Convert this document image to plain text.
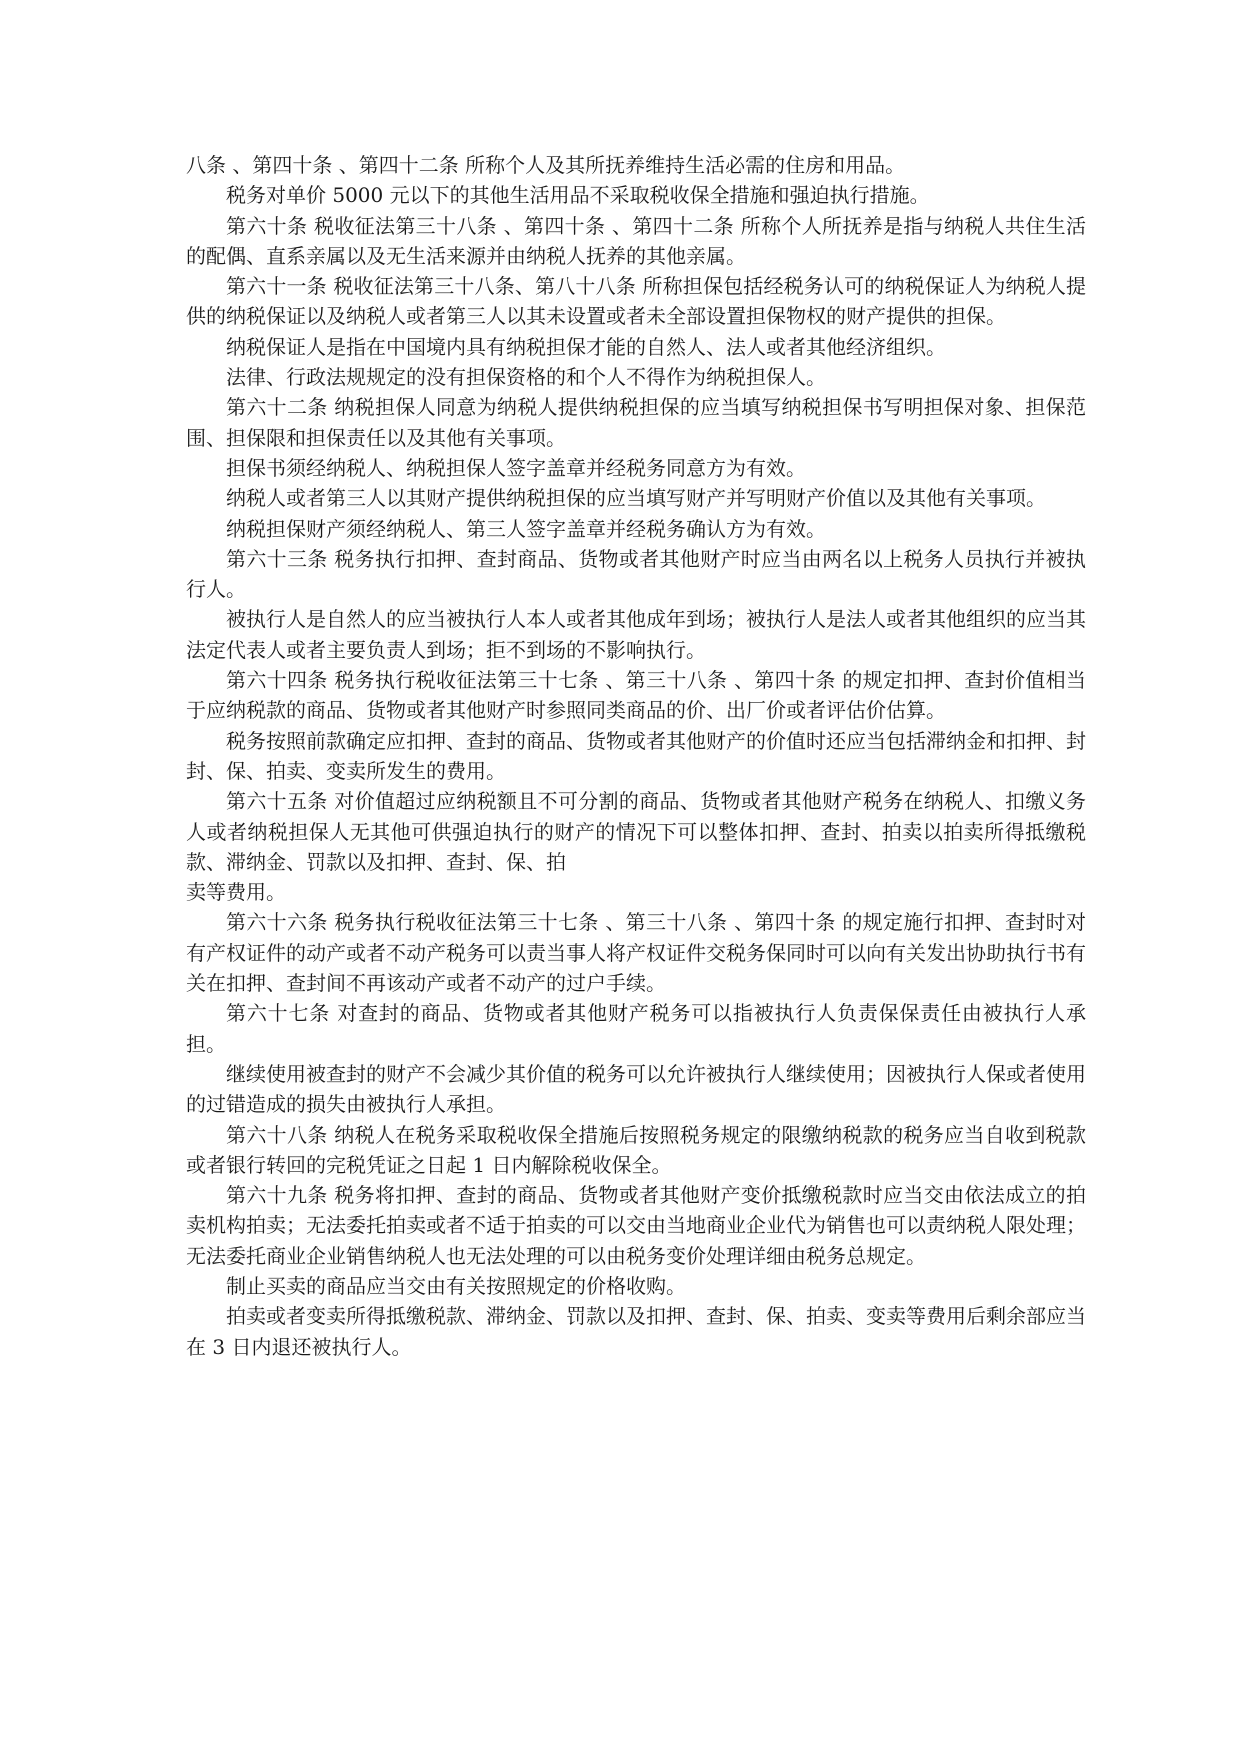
八条 、第四十条 、第四十二条 所称个人及其所抚养维持生活必需的住房和用品。

税务对单价 5000 元以下的其他生活用品不采取税收保全措施和强迫执行措施。

第六十条 税收征法第三十八条 、第四十条 、第四十二条 所称个人所抚养是指与纳税人共住生活的配偶、直系亲属以及无生活来源并由纳税人抚养的其他亲属。

第六十一条 税收征法第三十八条、第八十八条 所称担保包括经税务认可的纳税保证人为纳税人提供的纳税保证以及纳税人或者第三人以其未设置或者未全部设置担保物权的财产提供的担保。

纳税保证人是指在中国境内具有纳税担保才能的自然人、法人或者其他经济组织。

法律、行政法规规定的没有担保资格的和个人不得作为纳税担保人。

第六十二条 纳税担保人同意为纳税人提供纳税担保的应当填写纳税担保书写明担保对象、担保范围、担保限和担保责任以及其他有关事项。

担保书须经纳税人、纳税担保人签字盖章并经税务同意方为有效。

纳税人或者第三人以其财产提供纳税担保的应当填写财产并写明财产价值以及其他有关事项。

纳税担保财产须经纳税人、第三人签字盖章并经税务确认方为有效。

第六十三条 税务执行扣押、查封商品、货物或者其他财产时应当由两名以上税务人员执行并被执行人。

被执行人是自然人的应当被执行人本人或者其他成年到场；被执行人是法人或者其他组织的应当其法定代表人或者主要负责人到场；拒不到场的不影响执行。

第六十四条 税务执行税收征法第三十七条 、第三十八条 、第四十条 的规定扣押、查封价值相当于应纳税款的商品、货物或者其他财产时参照同类商品的价、出厂价或者评估价估算。

税务按照前款确定应扣押、查封的商品、货物或者其他财产的价值时还应当包括滞纳金和扣押、封封、保、拍卖、变卖所发生的费用。

第六十五条 对价值超过应纳税额且不可分割的商品、货物或者其他财产税务在纳税人、扣缴义务人或者纳税担保人无其他可供强迫执行的财产的情况下可以整体扣押、查封、拍卖以拍卖所得抵缴税款、滞纳金、罚款以及扣押、查封、保、拍

卖等费用。

第六十六条 税务执行税收征法第三十七条 、第三十八条 、第四十条 的规定施行扣押、查封时对有产权证件的动产或者不动产税务可以责当事人将产权证件交税务保同时可以向有关发出协助执行书有关在扣押、查封间不再该动产或者不动产的过户手续。

第六十七条 对查封的商品、货物或者其他财产税务可以指被执行人负责保保责任由被执行人承担。

继续使用被查封的财产不会减少其价值的税务可以允许被执行人继续使用；因被执行人保或者使用的过错造成的损失由被执行人承担。

第六十八条 纳税人在税务采取税收保全措施后按照税务规定的限缴纳税款的税务应当自收到税款或者银行转回的完税凭证之日起 1 日内解除税收保全。

第六十九条 税务将扣押、查封的商品、货物或者其他财产变价抵缴税款时应当交由依法成立的拍卖机构拍卖；无法委托拍卖或者不适于拍卖的可以交由当地商业企业代为销售也可以责纳税人限处理；无法委托商业企业销售纳税人也无法处理的可以由税务变价处理详细由税务总规定。

制止买卖的商品应当交由有关按照规定的价格收购。

拍卖或者变卖所得抵缴税款、滞纳金、罚款以及扣押、查封、保、拍卖、变卖等费用后剩余部应当在 3 日内退还被执行人。
